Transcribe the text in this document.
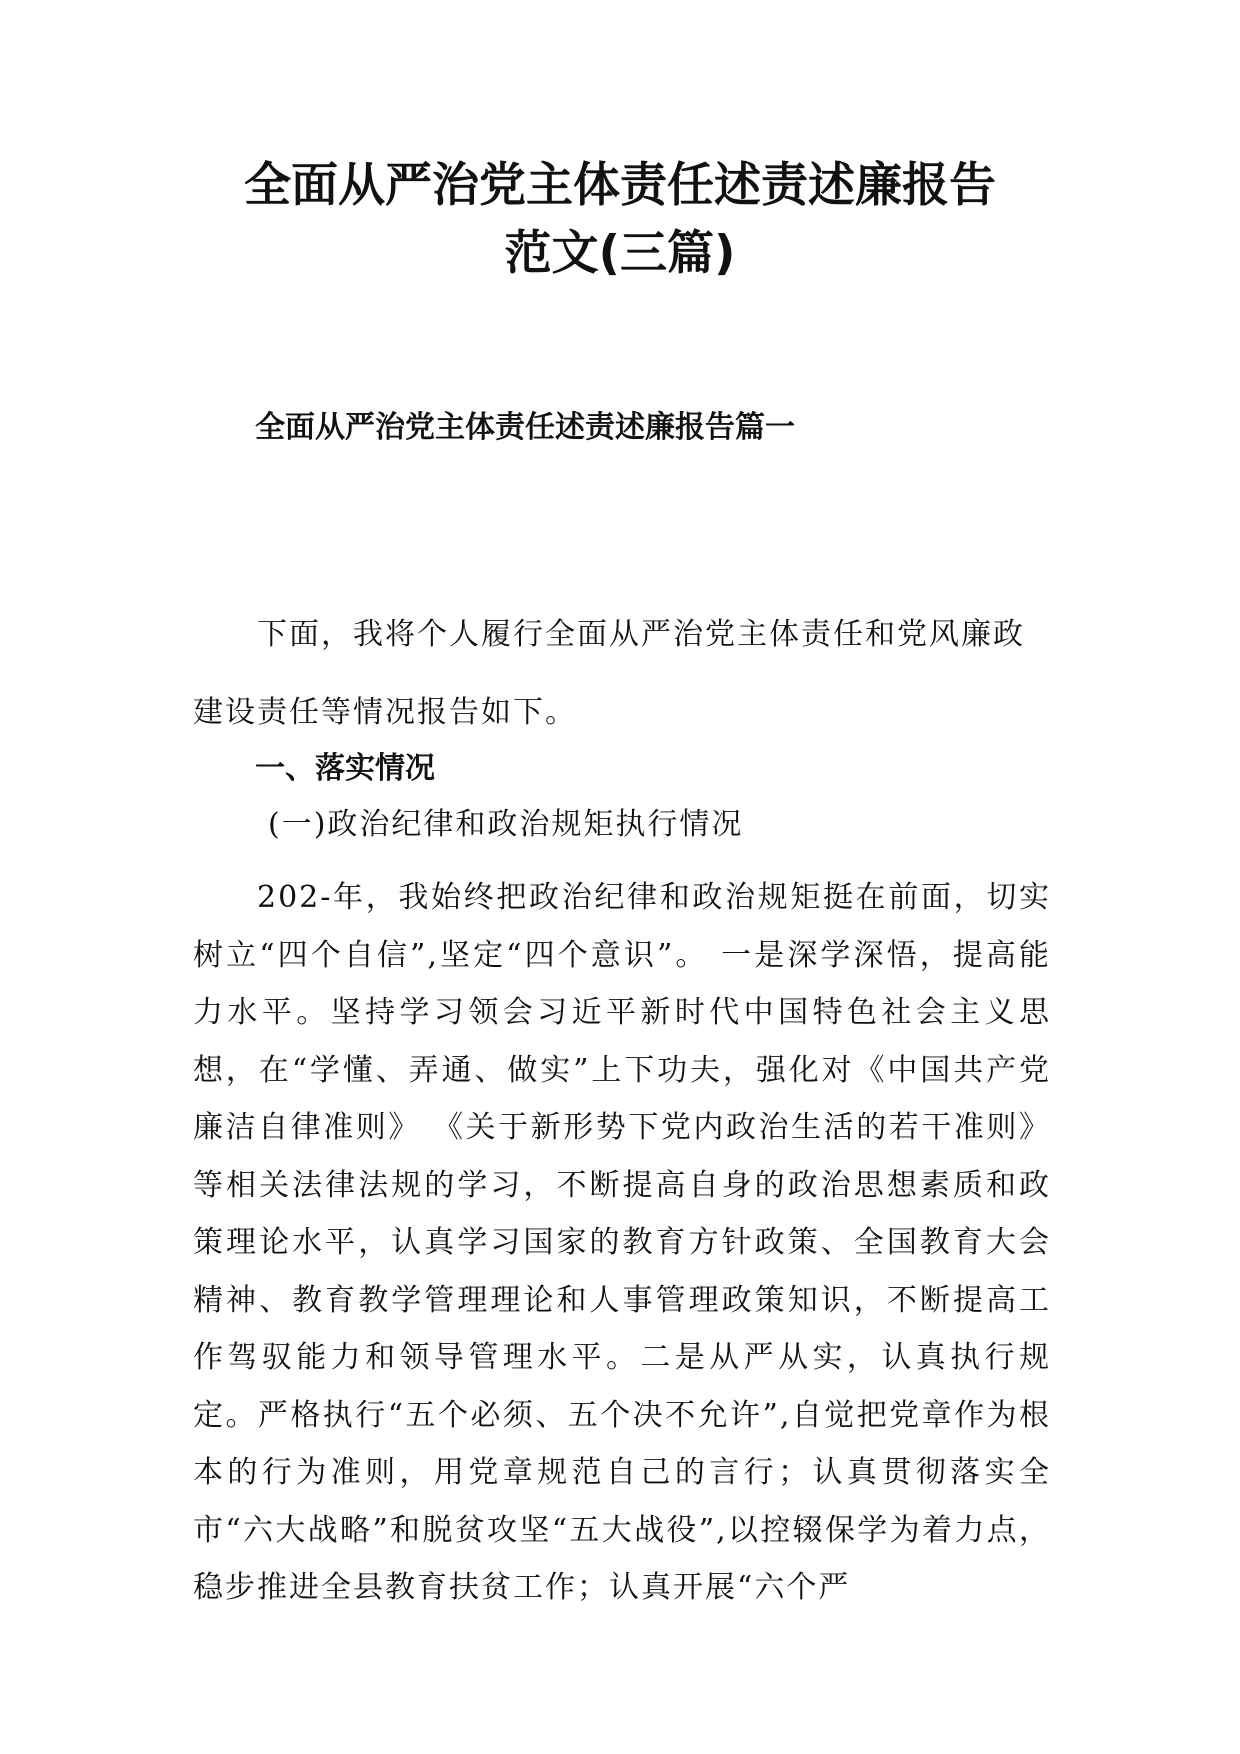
全面从严治党主体责任述责述廉报告
范文(三篇)
全面从严治党主体责任述责述廉报告篇一

下面，我将个人履行全面从严治党主体责任和党风廉政建设责任等情况报告如下。

一、落实情况

(一)政治纪律和政治规矩执行情况

202-年，我始终把政治纪律和政治规矩挺在前面，切实树立“四个自信”,坚定“四个意识”。 一是深学深悟，提高能力水平。坚持学习领会习近平新时代中国特色社会主义思想，在“学懂、弄通、做实”上下功夫，强化对《中国共产党廉洁自律准则》 《关于新形势下党内政治生活的若干准则》等相关法律法规的学习，不断提高自身的政治思想素质和政策理论水平，认真学习国家的教育方针政策、全国教育大会精神、教育教学管理理论和人事管理政策知识，不断提高工作驾驭能力和领导管理水平。二是从严从实，认真执行规定。严格执行“五个必须、五个决不允许”,自觉把党章作为根本的行为准则，用党章规范自己的言行；认真贯彻落实全市“六大战略”和脱贫攻坚“五大战役”,以控辍保学为着力点，稳步推进全县教育扶贫工作；认真开展“六个严
